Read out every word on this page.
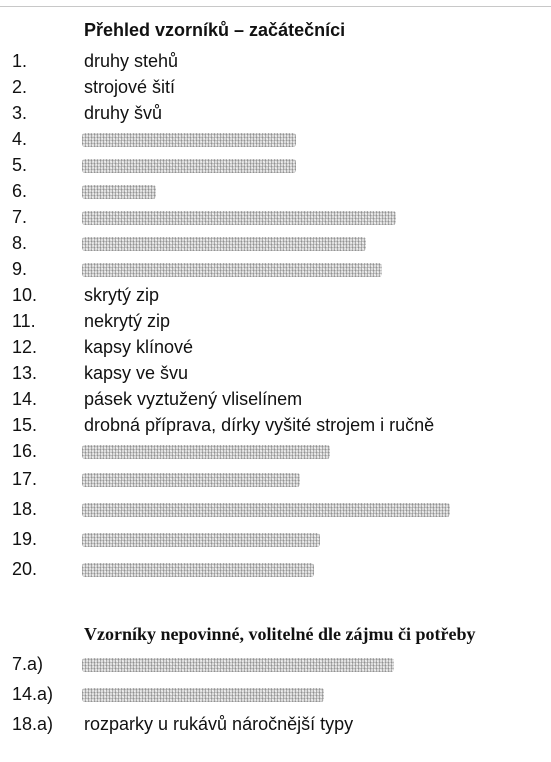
Přehled vzorníků – začátečníci
1.	druhy stehů
2.	strojové šití
3.	druhy švů
4.
5.
6.
7.
8.
9.
10.	skrytý zip
11.	nekrytý zip
12.	kapsy klínové
13.	kapsy ve švu
14.	pásek vyztužený vliselínem
15.	drobná příprava, dírky vyšité strojem i ručně
16.
17.
18.
19.
20.
Vzorníky nepovinné, volitelné dle zájmu či potřeby
7.a)
14.a)
18.a) rozparky u rukávů náročnější typy
